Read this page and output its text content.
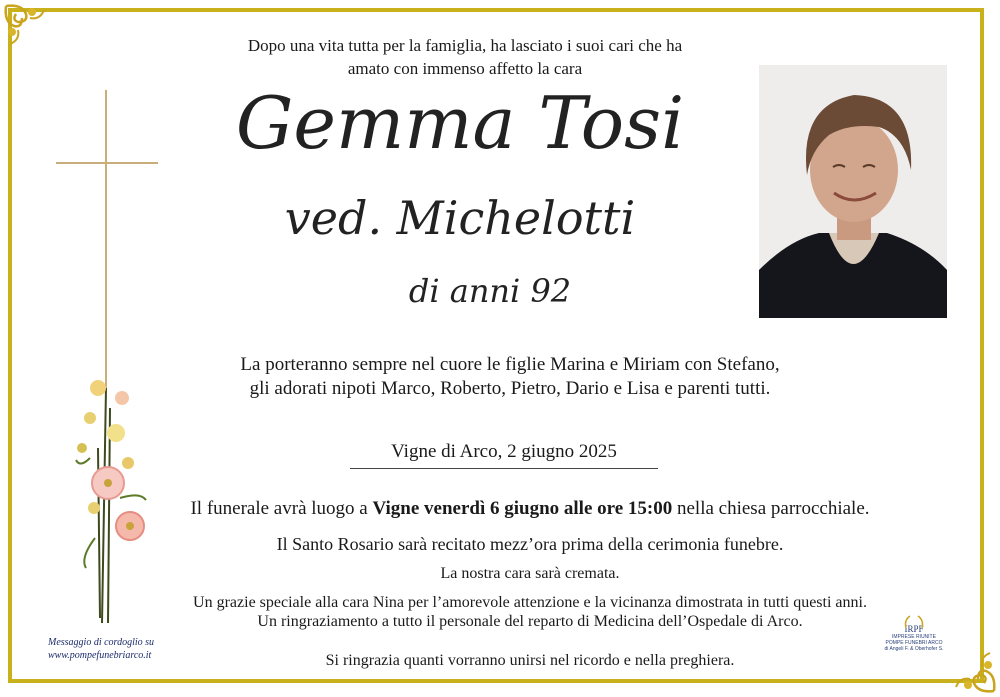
Dopo una vita tutta per la famiglia, ha lasciato i suoi cari che ha
amato con immenso affetto la cara
Gemma Tosi
ved. Michelotti
di anni 92
La porteranno sempre nel cuore le figlie Marina e Miriam con Stefano,
gli adorati nipoti Marco, Roberto, Pietro, Dario e Lisa e parenti tutti.
Vigne di Arco, 2 giugno 2025
Il funerale avrà luogo a Vigne venerdì 6 giugno alle ore 15:00 nella chiesa parrocchiale.
Il Santo Rosario sarà recitato mezz’ora prima della cerimonia funebre.
La nostra cara sarà cremata.
Un grazie speciale alla cara Nina per l’amorevole attenzione e la vicinanza dimostrata in tutti questi anni.
Un ringraziamento a tutto il personale del reparto di Medicina dell’Ospedale di Arco.
Si ringrazia quanti vorranno unirsi nel ricordo e nella preghiera.
Messaggio di cordoglio su
www.pompefunebriarco.it
IRPF
IMPRESE RIUNITE
POMPE FUNEBRI ARCO
di Angeli F. & Oberhofer S.
